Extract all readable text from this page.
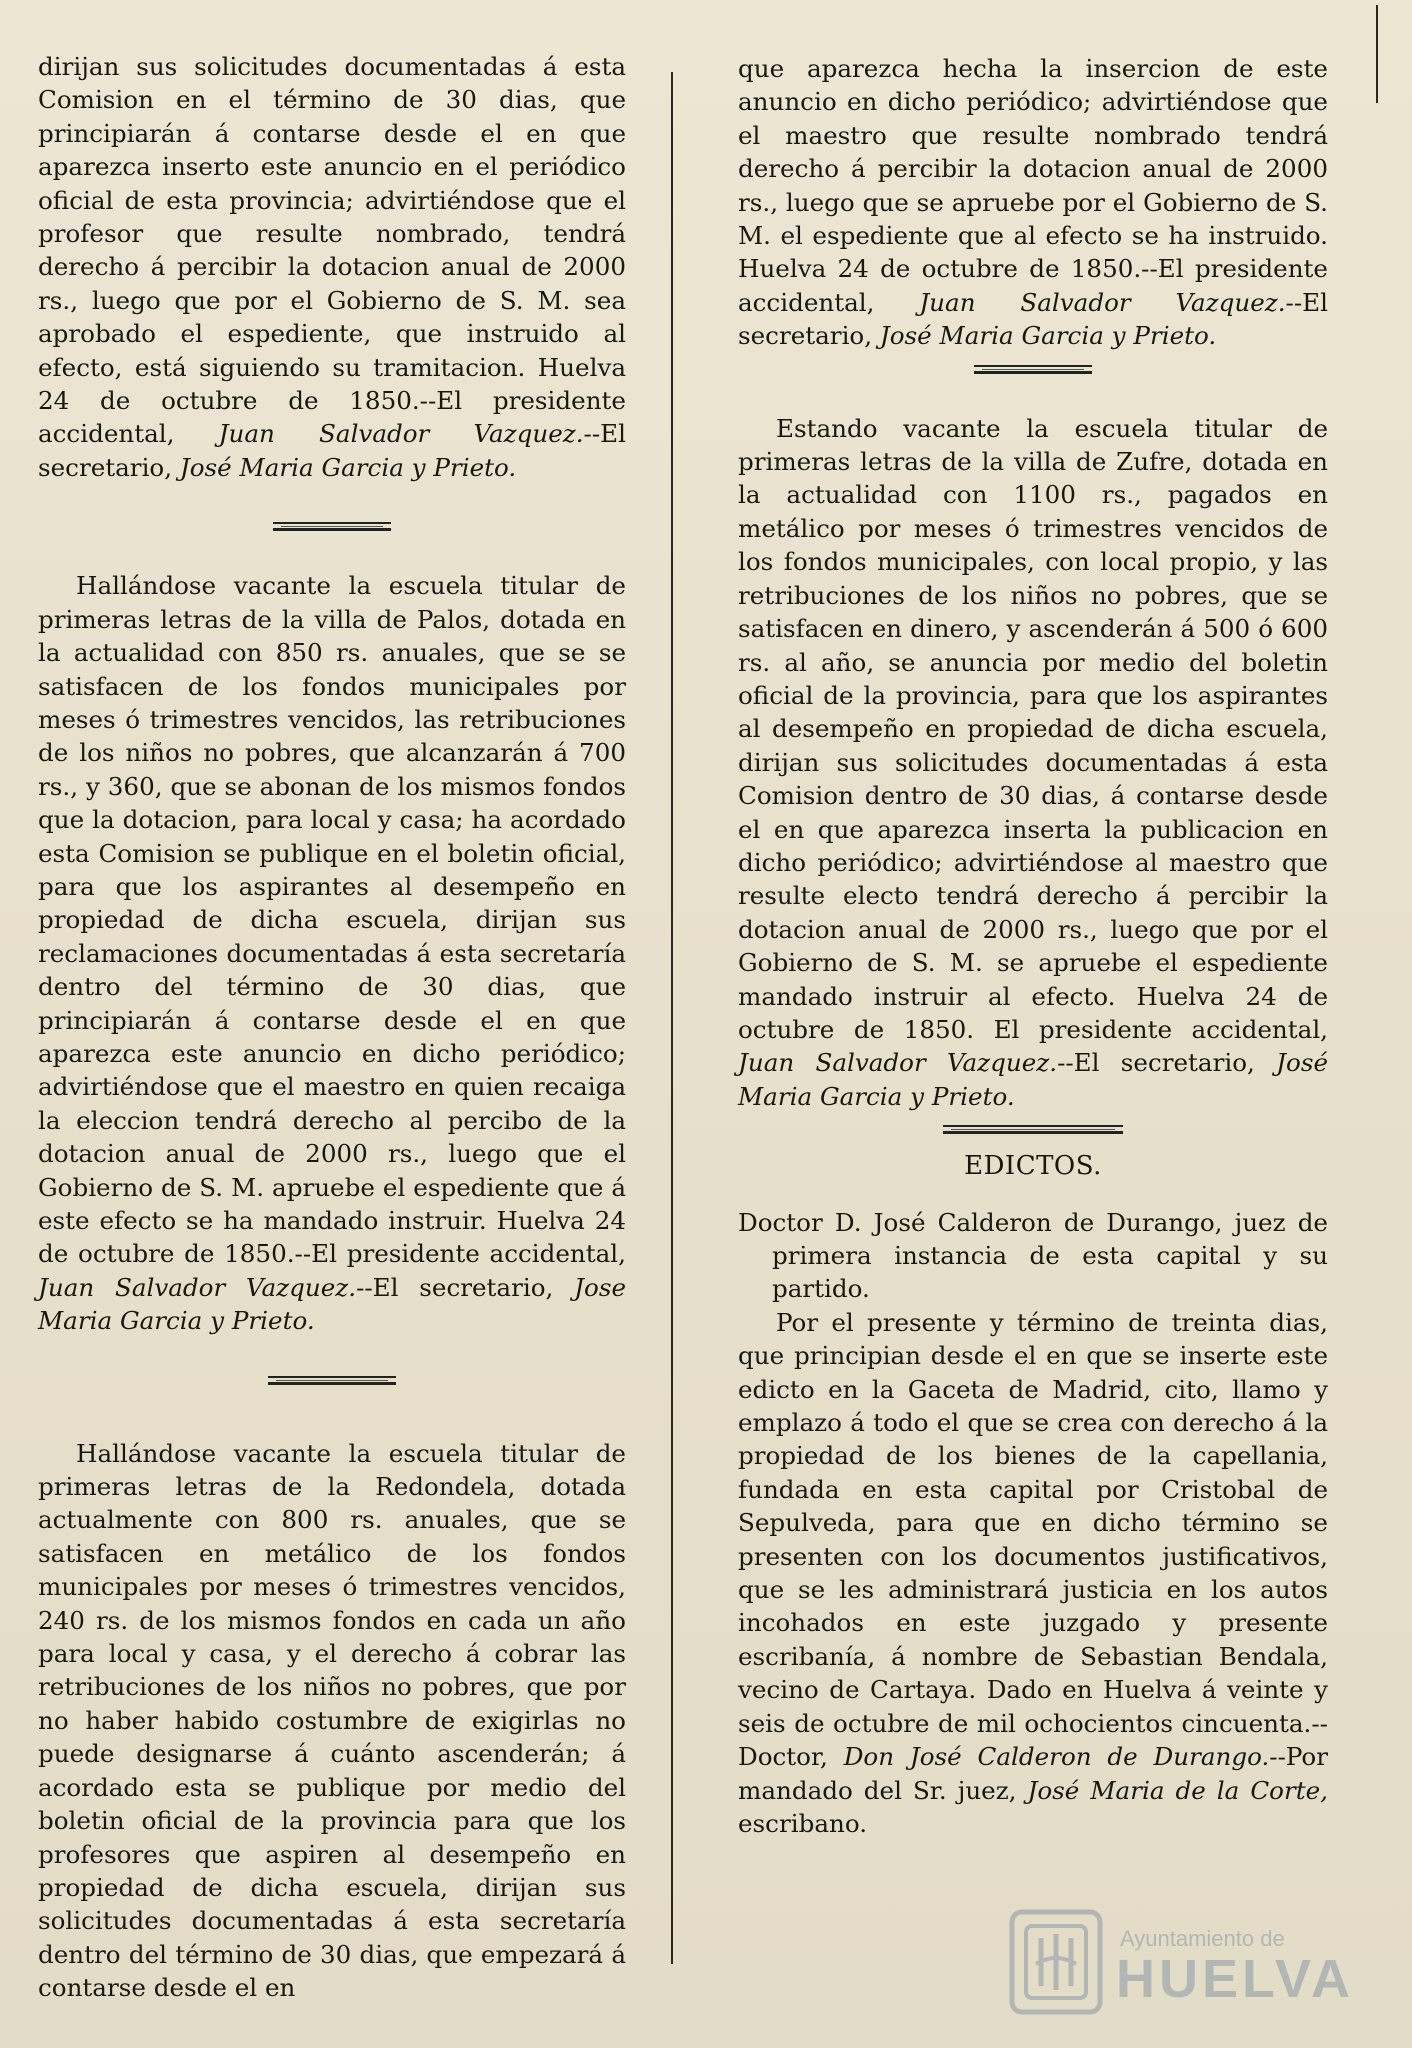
dirijan sus solicitudes documentadas á esta Comision en el término de 30 dias, que principiarán á contarse desde el en que aparezca inserto este anuncio en el periódico oficial de esta provincia; advirtiéndose que el profesor que resulte nombrado, tendrá derecho á percibir la dotacion anual de 2000 rs., luego que por el Gobierno de S. M. sea aprobado el espediente, que instruido al efecto, está siguiendo su tramitacion. Huelva 24 de octubre de 1850.--El presidente accidental, Juan Salvador Vazquez.--El secretario, José Maria Garcia y Prieto.

Hallándose vacante la escuela titular de primeras letras de la villa de Palos, dotada en la actualidad con 850 rs. anuales, que se se satisfacen de los fondos municipales por meses ó trimestres vencidos, las retribuciones de los niños no pobres, que alcanzarán á 700 rs., y 360, que se abonan de los mismos fondos que la dotacion, para local y casa; ha acordado esta Comision se publique en el boletin oficial, para que los aspirantes al desempeño en propiedad de dicha escuela, dirijan sus reclamaciones documentadas á esta secretaría dentro del término de 30 dias, que principiarán á contarse desde el en que aparezca este anuncio en dicho periódico; advirtiéndose que el maestro en quien recaiga la eleccion tendrá derecho al percibo de la dotacion anual de 2000 rs., luego que el Gobierno de S. M. apruebe el espediente que á este efecto se ha mandado instruir. Huelva 24 de octubre de 1850.--El presidente accidental, Juan Salvador Vazquez.--El secretario, Jose Maria Garcia y Prieto.

Hallándose vacante la escuela titular de primeras letras de la Redondela, dotada actualmente con 800 rs. anuales, que se satisfacen en metálico de los fondos municipales por meses ó trimestres vencidos, 240 rs. de los mismos fondos en cada un año para local y casa, y el derecho á cobrar las retribuciones de los niños no pobres, que por no haber habido costumbre de exigirlas no puede designarse á cuánto ascenderán; á acordado esta se publique por medio del boletin oficial de la provincia para que los profesores que aspiren al desempeño en propiedad de dicha escuela, dirijan sus solicitudes documentadas á esta secretaría dentro del término de 30 dias, que empezará á contarse desde el en

que aparezca hecha la insercion de este anuncio en dicho periódico; advirtiéndose que el maestro que resulte nombrado tendrá derecho á percibir la dotacion anual de 2000 rs., luego que se apruebe por el Gobierno de S. M. el espediente que al efecto se ha instruido. Huelva 24 de octubre de 1850.--El presidente accidental, Juan Salvador Vazquez.--El secretario, José Maria Garcia y Prieto.

Estando vacante la escuela titular de primeras letras de la villa de Zufre, dotada en la actualidad con 1100 rs., pagados en metálico por meses ó trimestres vencidos de los fondos municipales, con local propio, y las retribuciones de los niños no pobres, que se satisfacen en dinero, y ascenderán á 500 ó 600 rs. al año, se anuncia por medio del boletin oficial de la provincia, para que los aspirantes al desempeño en propiedad de dicha escuela, dirijan sus solicitudes documentadas á esta Comision dentro de 30 dias, á contarse desde el en que aparezca inserta la publicacion en dicho periódico; advirtiéndose al maestro que resulte electo tendrá derecho á percibir la dotacion anual de 2000 rs., luego que por el Gobierno de S. M. se apruebe el espediente mandado instruir al efecto. Huelva 24 de octubre de 1850. El presidente accidental, Juan Salvador Vazquez.--El secretario, José Maria Garcia y Prieto.

EDICTOS.

Doctor D. José Calderon de Durango, juez de primera instancia de esta capital y su partido.

Por el presente y término de treinta dias, que principian desde el en que se inserte este edicto en la Gaceta de Madrid, cito, llamo y emplazo á todo el que se crea con derecho á la propiedad de los bienes de la capellania, fundada en esta capital por Cristobal de Sepulveda, para que en dicho término se presenten con los documentos justificativos, que se les administrará justicia en los autos incohados en este juzgado y presente escribanía, á nombre de Sebastian Bendala, vecino de Cartaya. Dado en Huelva á veinte y seis de octubre de mil ochocientos cincuenta.--Doctor, Don José Calderon de Durango.--Por mandado del Sr. juez, José Maria de la Corte, escribano.

Ayuntamiento de
HUELVA
